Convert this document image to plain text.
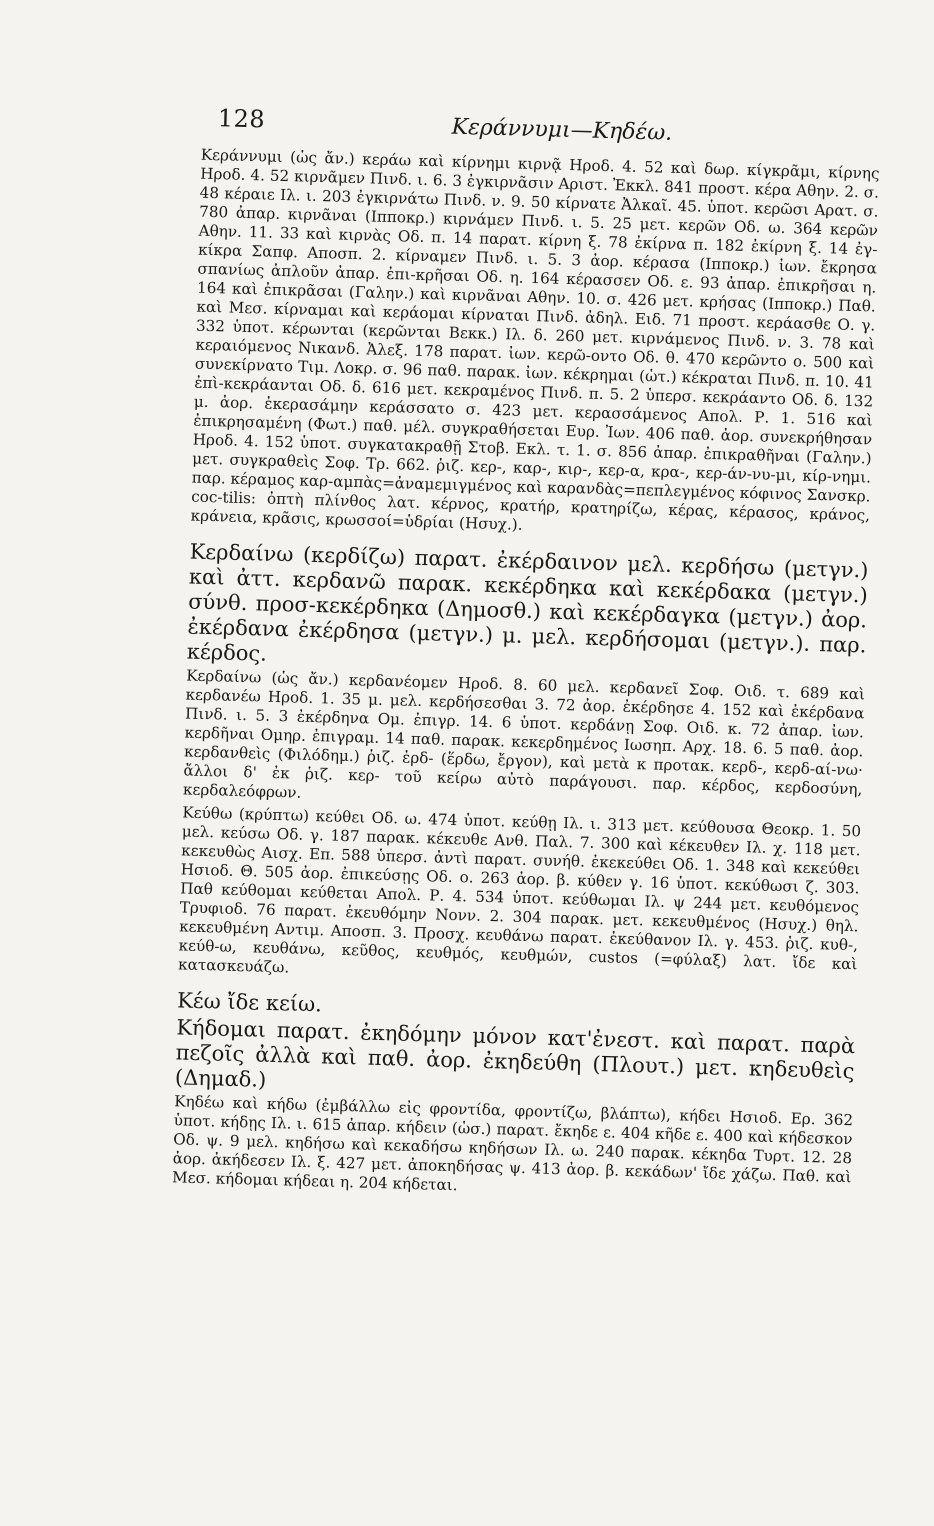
128	Κεράννυμι—Κηδέω.

Κεράννυμι (ὡς ἄν.) κεράω καὶ κίρνημι κιρνᾷ Ηροδ. 4. 52 καὶ δωρ. κίγκρᾶμι, κίρνης Ηροδ. 4. 52 κιρνᾶμεν Πινδ. ι. 6. 3 ἐγκιρνᾶσιν Αριστ. Ἐκκλ. 841 προστ. κέρα Αθην. 2. σ. 48 κέραιε Ιλ. ι. 203 ἐγκιρνάτω Πινδ. ν. 9. 50 κίρνατε Ἀλκαῖ. 45. ὑποτ. κερῶσι Αρατ. σ. 780 ἀπαρ. κιρνᾶναι (Ιπποκρ.) κιρνάμεν Πινδ. ι. 5. 25 μετ. κερῶν Οδ. ω. 364 κερῶν Αθην. 11. 33 καὶ κιρνὰς Οδ. π. 14 παρατ. κίρνη ξ. 78 ἐκίρνα π. 182 ἐκίρνη ξ. 14 ἐγ-κίκρα Σαπφ. Αποσπ. 2. κίρναμεν Πινδ. ι. 5. 3 ἀορ. κέρασα (Ιπποκρ.) ἰων. ἔκρησα σπανίως ἁπλοῦν ἀπαρ. ἐπι-κρῆσαι Οδ. η. 164 κέρασσεν Οδ. ε. 93 ἀπαρ. ἐπικρῆσαι η. 164 καὶ ἐπικρᾶσαι (Γαλην.) καὶ κιρνᾶναι Αθην. 10. σ. 426 μετ. κρήσας (Ιπποκρ.) Παθ. καὶ Μεσ. κίρναμαι καὶ κεράομαι κίρναται Πινδ. ἀδηλ. Ειδ. 71 προστ. κεράασθε Ο. γ. 332 ὑποτ. κέρωνται (κερῶνται Βεκκ.) Ιλ. δ. 260 μετ. κιρνάμενος Πινδ. ν. 3. 78 καὶ κεραιόμενος Νικανδ. Ἀλεξ. 178 παρατ. ἰων. κερῶ-οντο Οδ. θ. 470 κερῶντο ο. 500 καὶ συνεκίρνατο Τιμ. Λοκρ. σ. 96 παθ. παρακ. ἰων. κέκρημαι (ὡτ.) κέκραται Πινδ. π. 10. 41 ἐπὶ-κεκράανται Οδ. δ. 616 μετ. κεκραμένος Πινδ. π. 5. 2 ὑπερσ. κεκράαντο Οδ. δ. 132 μ. ἀορ. ἐκερασάμην κεράσσατο σ. 423 μετ. κερασσάμενος Απολ. Ρ. 1. 516 καὶ ἐπικρησαμένη (Φωτ.) παθ. μέλ. συγκραθήσεται Ευρ. Ἰων. 406 παθ. ἀορ. συνεκρήθησαν Ηροδ. 4. 152 ὑποτ. συγκατακραθῇ Στοβ. Εκλ. τ. 1. σ. 856 ἀπαρ. ἐπικραθῆναι (Γαλην.) μετ. συγκραθεὶς Σοφ. Τρ. 662. ῥιζ. κερ-, καρ-, κιρ-, κερ-α, κρα-, κερ-άν-νυ-μι, κίρ-νημι. παρ. κέραμος καρ-αμπὰς=ἀναμεμιγμένος καὶ καρανδὰς=πεπλεγμένος κόφινος Σανσκρ. coc-tilis: ὀπτὴ πλίνθος λατ. κέρνος, κρατήρ, κρατηρίζω, κέρας, κέρασος, κράνος, κράνεια, κρᾶσις, κρωσσοί=ὑδρίαι (Ησυχ.).

Κερδαίνω (κερδίζω) παρατ. ἐκέρδαινον μελ. κερδήσω (μετγν.) καὶ ἀττ. κερδανῶ παρακ. κεκέρδηκα καὶ κεκέρδακα (μετγν.) σύνθ. προσ-κεκέρδηκα (Δημοσθ.) καὶ κεκέρδαγκα (μετγν.) ἀορ. ἐκέρδανα ἐκέρδησα (μετγν.) μ. μελ. κερδήσομαι (μετγν.). παρ. κέρδος.

Κερδαίνω (ὡς ἄν.) κερδανέομεν Ηροδ. 8. 60 μελ. κερδανεῖ Σοφ. Οιδ. τ. 689 καὶ κερδανέω Ηροδ. 1. 35 μ. μελ. κερδήσεσθαι 3. 72 ἀορ. ἐκέρδησε 4. 152 καὶ ἐκέρδανα Πινδ. ι. 5. 3 ἐκέρδηνα Ομ. ἐπιγρ. 14. 6 ὑποτ. κερδάνῃ Σοφ. Οιδ. κ. 72 ἀπαρ. ἰων. κερδῆναι Ομηρ. ἐπιγραμ. 14 παθ. παρακ. κεκερδημένος Ιωσηπ. Αρχ. 18. 6. 5 παθ. ἀορ. κερδανθεὶς (Φιλόδημ.) ῥιζ. ἐρδ- (ἕρδω, ἔργον), καὶ μετὰ κ προτακ. κερδ-, κερδ-αί-νω· ἄλλοι δ' ἐκ ῥιζ. κερ- τοῦ κείρω αὐτὸ παράγουσι. παρ. κέρδος, κερδοσύνη, κερδαλεόφρων.

Κεύθω (κρύπτω) κεύθει Οδ. ω. 474 ὑποτ. κεύθῃ Ιλ. ι. 313 μετ. κεύθουσα Θεοκρ. 1. 50 μελ. κεύσω Οδ. γ. 187 παρακ. κέκευθε Ανθ. Παλ. 7. 300 καὶ κέκευθεν Ιλ. χ. 118 μετ. κεκευθὼς Αισχ. Επ. 588 ὑπερσ. ἀντὶ παρατ. συνήθ. ἐκεκεύθει Οδ. 1. 348 καὶ κεκεύθει Ησιοδ. Θ. 505 ἀορ. ἐπικεύσῃς Οδ. ο. 263 ἀορ. β. κύθεν γ. 16 ὑποτ. κεκύθωσι ζ. 303. Παθ κεύθομαι κεύθεται Απολ. Ρ. 4. 534 ὑποτ. κεύθωμαι Ιλ. ψ 244 μετ. κευθόμενος Τρυφιοδ. 76 παρατ. ἐκευθόμην Νονν. 2. 304 παρακ. μετ. κεκευθμένος (Ησυχ.) θηλ. κεκευθμένη Αντιμ. Αποσπ. 3. Προσχ. κευθάνω παρατ. ἐκεύθανον Ιλ. γ. 453. ῥιζ. κυθ-, κεύθ-ω, κευθάνω, κεῦθος, κευθμός, κευθμών, custos (=φύλαξ) λατ. ἴδε καὶ κατασκευάζω.

Κέω ἴδε κείω.

Κήδομαι παρατ. ἐκηδόμην μόνον κατ'ἐνεστ. καὶ παρατ. παρὰ πεζοῖς ἀλλὰ καὶ παθ. ἀορ. ἐκηδεύθη (Πλουτ.) μετ. κηδευθεὶς (Δημαδ.)

Κηδέω καὶ κήδω (ἐμβάλλω εἰς φροντίδα, φροντίζω, βλάπτω), κήδει Ησιοδ. Ερ. 362 ὑποτ. κήδῃς Ιλ. ι. 615 ἀπαρ. κήδειν (ὡσ.) παρατ. ἔκηδε ε. 404 κῆδε ε. 400 καὶ κήδεσκον Οδ. ψ. 9 μελ. κηδήσω καὶ κεκαδήσω κηδήσων Ιλ. ω. 240 παρακ. κέκηδα Τυρτ. 12. 28 ἀορ. ἀκήδεσεν Ιλ. ξ. 427 μετ. ἀποκηδήσας ψ. 413 ἀορ. β. κεκάδων' ἴδε χάζω. Παθ. καὶ Μεσ. κήδομαι κήδεαι η. 204 κήδεται.
